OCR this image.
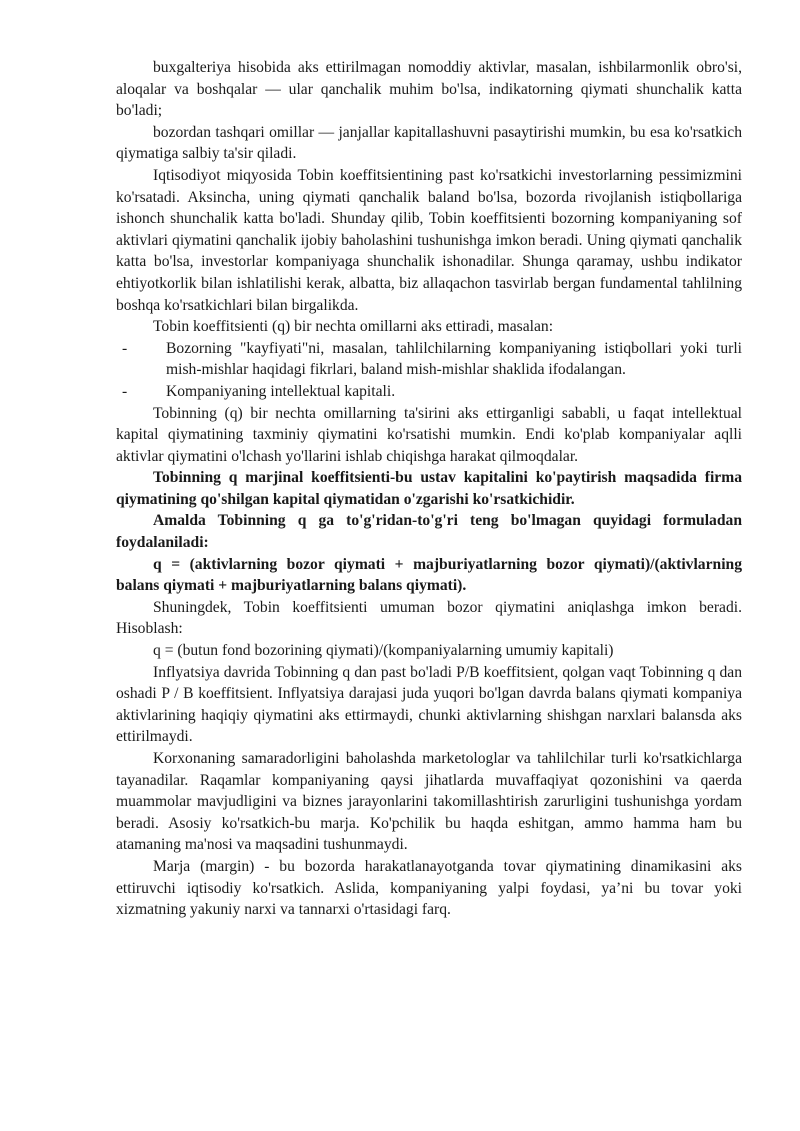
buxgalteriya hisobida aks ettirilmagan nomoddiy aktivlar, masalan, ishbilarmonlik obro'si, aloqalar va boshqalar — ular qanchalik muhim bo'lsa, indikatorning qiymati shunchalik katta bo'ladi;

bozordan tashqari omillar — janjallar kapitallashuvni pasaytirishi mumkin, bu esa ko'rsatkich qiymatiga salbiy ta'sir qiladi.

Iqtisodiyot miqyosida Tobin koeffitsientining past ko'rsatkichi investorlarning pessimizmini ko'rsatadi. Aksincha, uning qiymati qanchalik baland bo'lsa, bozorda rivojlanish istiqbollariga ishonch shunchalik katta bo'ladi. Shunday qilib, Tobin koeffitsienti bozorning kompaniyaning sof aktivlari qiymatini qanchalik ijobiy baholashini tushunishga imkon beradi. Uning qiymati qanchalik katta bo'lsa, investorlar kompaniyaga shunchalik ishonadilar. Shunga qaramay, ushbu indikator ehtiyotkorlik bilan ishlatilishi kerak, albatta, biz allaqachon tasvirlab bergan fundamental tahlilning boshqa ko'rsatkichlari bilan birgalikda.

Tobin koeffitsienti (q) bir nechta omillarni aks ettiradi, masalan:

- Bozorning "kayfiyati"ni, masalan, tahlilchilarning kompaniyaning istiqbollari yoki turli mish-mishlar haqidagi fikrlari, baland mish-mishlar shaklida ifodalangan.
- Kompaniyaning intellektual kapitali.

Tobinning (q) bir nechta omillarning ta'sirini aks ettirganligi sababli, u faqat intellektual kapital qiymatining taxminiy qiymatini ko'rsatishi mumkin. Endi ko'plab kompaniyalar aqlli aktivlar qiymatini o'lchash yo'llarini ishlab chiqishga harakat qilmoqdalar.

Tobinning q marjinal koeffitsienti-bu ustav kapitalini ko'paytirish maqsadida firma qiymatining qo'shilgan kapital qiymatidan o'zgarishi ko'rsatkichidir.

Amalda Tobinning q ga to'g'ridan-to'g'ri teng bo'lmagan quyidagi formuladan foydalaniladi:

q = (aktivlarning bozor qiymati + majburiyatlarning bozor qiymati)/(aktivlarning balans qiymati + majburiyatlarning balans qiymati).

Shuningdek, Tobin koeffitsienti umuman bozor qiymatini aniqlashga imkon beradi. Hisoblash:

q = (butun fond bozorining qiymati)/(kompaniyalarning umumiy kapitali)

Inflyatsiya davrida Tobinning q dan past bo'ladi P/B koeffitsient, qolgan vaqt Tobinning q dan oshadi P / B koeffitsient. Inflyatsiya darajasi juda yuqori bo'lgan davrda balans qiymati kompaniya aktivlarining haqiqiy qiymatini aks ettirmaydi, chunki aktivlarning shishgan narxlari balansda aks ettirilmaydi.

Korxonaning samaradorligini baholashda marketologlar va tahlilchilar turli ko'rsatkichlarga tayanadilar. Raqamlar kompaniyaning qaysi jihatlarda muvaffaqiyat qozonishini va qaerda muammolar mavjudligini va biznes jarayonlarini takomillashtirish zarurligini tushunishga yordam beradi. Asosiy ko'rsatkich-bu marja. Ko'pchilik bu haqda eshitgan, ammo hamma ham bu atamaning ma'nosi va maqsadini tushunmaydi.

Marja (margin) - bu bozorda harakatlanayotganda tovar qiymatining dinamikasini aks ettiruvchi iqtisodiy ko'rsatkich. Aslida, kompaniyaning yalpi foydasi, ya’ni bu tovar yoki xizmatning yakuniy narxi va tannarxi o'rtasidagi farq.
